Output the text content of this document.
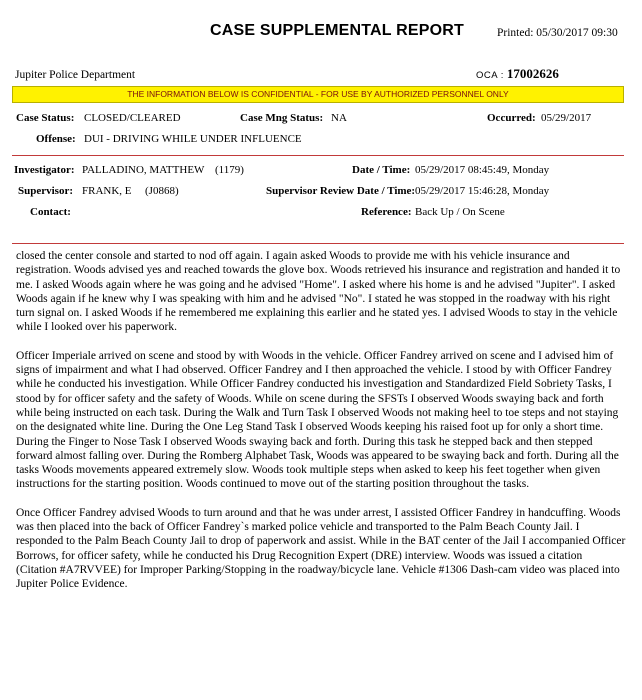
CASE SUPPLEMENTAL REPORT	Printed: 05/30/2017 09:30
Jupiter Police Department	OCA : 17002626
THE INFORMATION BELOW IS CONFIDENTIAL - FOR USE BY AUTHORIZED PERSONNEL ONLY
Case Status: CLOSED/CLEARED	Case Mng Status: NA	Occurred: 05/29/2017
Offense: DUI - DRIVING WHILE UNDER INFLUENCE
Investigator: PALLADINO, MATTHEW (1179)	Date / Time: 05/29/2017 08:45:49, Monday
Supervisor: FRANK, E (J0868)	Supervisor Review Date / Time: 05/29/2017 15:46:28, Monday
Contact:	Reference: Back Up / On Scene

closed the center console and started to nod off again. I again asked Woods to provide me with his vehicle insurance and registration. Woods advised yes and reached towards the glove box. Woods retrieved his insurance and registration and handed it to me. I asked Woods again where he was going and he advised "Home". I asked where his home is and he advised "Jupiter". I asked Woods again if he knew why I was speaking with him and he advised "No". I stated he was stopped in the roadway with his right turn signal on. I asked Woods if he remembered me explaining this earlier and he stated yes. I advised Woods to stay in the vehicle while I looked over his paperwork.

Officer Imperiale arrived on scene and stood by with Woods in the vehicle. Officer Fandrey arrived on scene and I advised him of signs of impairment and what I had observed. Officer Fandrey and I then approached the vehicle. I stood by with Officer Fandrey while he conducted his investigation. While Officer Fandrey conducted his investigation and Standardized Field Sobriety Tasks, I stood by for officer safety and the safety of Woods. While on scene during the SFSTs I observed Woods swaying back and forth while being instructed on each task. During the Walk and Turn Task I observed Woods not making heel to toe steps and not staying on the designated white line. During the One Leg Stand Task I observed Woods keeping his raised foot up for only a short time. During the Finger to Nose Task I observed Woods swaying back and forth. During this task he stepped back and then stepped forward almost falling over. During the Romberg Alphabet Task, Woods was appeared to be swaying back and forth. During all the tasks Woods movements appeared extremely slow. Woods took multiple steps when asked to keep his feet together when given instructions for the starting position. Woods continued to move out of the starting position throughout the tasks.

Once Officer Fandrey advised Woods to turn around and that he was under arrest, I assisted Officer Fandrey in handcuffing. Woods was then placed into the back of Officer Fandrey`s marked police vehicle and transported to the Palm Beach County Jail. I responded to the Palm Beach County Jail to drop of paperwork and assist. While in the BAT center of the Jail I accompanied Officer Borrows, for officer safety, while he conducted his Drug Recognition Expert (DRE) interview. Woods was issued a citation (Citation #A7RVVEE) for Improper Parking/Stopping in the roadway/bicycle lane. Vehicle #1306 Dash-cam video was placed into Jupiter Police Evidence.
